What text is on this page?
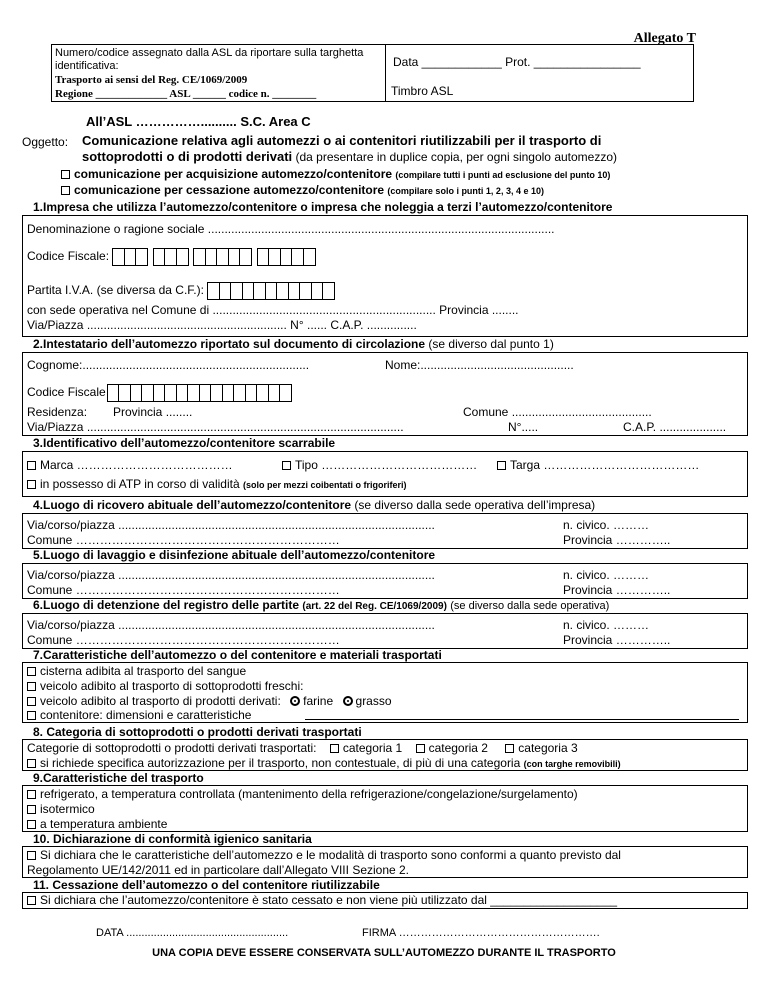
Allegato T
Numero/codice assegnato dalla ASL da riportare sulla targhetta identificativa:
Trasporto ai sensi del Reg. CE/1069/2009
Regione _____________ ASL ______ codice n. ________
Data ____________ Prot. ________________
Timbro ASL
All’ASL …………….......... S.C. Area C
Oggetto: Comunicazione relativa agli automezzi o ai contenitori riutilizzabili per il trasporto di
sottoprodotti o di prodotti derivati (da presentare in duplice copia, per ogni singolo automezzo)
comunicazione per acquisizione automezzo/contenitore (compilare tutti i punti ad esclusione del punto 10)
comunicazione per cessazione automezzo/contenitore (compilare solo i punti 1, 2, 3, 4 e 10)
1.Impresa che utilizza l’automezzo/contenitore o impresa che noleggia a terzi l’automezzo/contenitore
Denominazione o ragione sociale ........................................................................................................
Codice Fiscale:
Partita I.V.A. (se diversa da C.F.):
con sede operativa nel Comune di ................................................................... Provincia ........
Via/Piazza ............................................................ N° ...... C.A.P. ...............
2.Intestatario dell’automezzo riportato sul documento di circolazione (se diverso dal punto 1)
Cognome:....................................................................	Nome:..............................................
Codice Fiscale
Residenza: Provincia ........	Comune ..........................................
Via/Piazza ...............................................................................................	N°.....	C.A.P. ....................
3.Identificativo dell’automezzo/contenitore scarrabile
Marca …………………………………	Tipo …………………………………	Targa …………………………………
in possesso di ATP in corso di validità (solo per mezzi coibentati o frigoriferi)
4.Luogo di ricovero abituale dell’automezzo/contenitore (se diverso dalla sede operativa dell’impresa)
Via/corso/piazza ...............................................................................................	n. civico. ………
Comune …………………………………………………………	Provincia …………..
5.Luogo di lavaggio e disinfezione abituale dell’automezzo/contenitore
Via/corso/piazza ...............................................................................................	n. civico. ………
Comune …………………………………………………………	Provincia …………..
6.Luogo di detenzione del registro delle partite (art. 22 del Reg. CE/1069/2009) (se diverso dalla sede operativa)
Via/corso/piazza ...............................................................................................	n. civico. ………
Comune …………………………………………………………	Provincia …………..
7.Caratteristiche dell’automezzo o del contenitore e materiali trasportati
cisterna adibita al trasporto del sangue
veicolo adibito al trasporto di sottoprodotti freschi:
veicolo adibito al trasporto di prodotti derivati: farine grasso
contenitore: dimensioni e caratteristiche
8. Categoria di sottoprodotti o prodotti derivati trasportati
Categorie di sottoprodotti o prodotti derivati trasportati: categoria 1 categoria 2	categoria 3
si richiede specifica autorizzazione per il trasporto, non contestuale, di più di una categoria (con targhe removibili)
9.Caratteristiche del trasporto
refrigerato, a temperatura controllata (mantenimento della refrigerazione/congelazione/surgelamento)
isotermico
a temperatura ambiente
10. Dichiarazione di conformità igienico sanitaria
Si dichiara che le caratteristiche dell’automezzo e le modalità di trasporto sono conformi a quanto previsto dal
Regolamento UE/142/2011 ed in particolare dall’Allegato VIII Sezione 2.
11. Cessazione dell’automezzo o del contenitore riutilizzabile
Si dichiara che l’automezzo/contenitore è stato cessato e non viene più utilizzato dal ___________________
DATA .....................................................	FIRMA ……………………………………………….
UNA COPIA DEVE ESSERE CONSERVATA SULL’AUTOMEZZO DURANTE IL TRASPORTO
